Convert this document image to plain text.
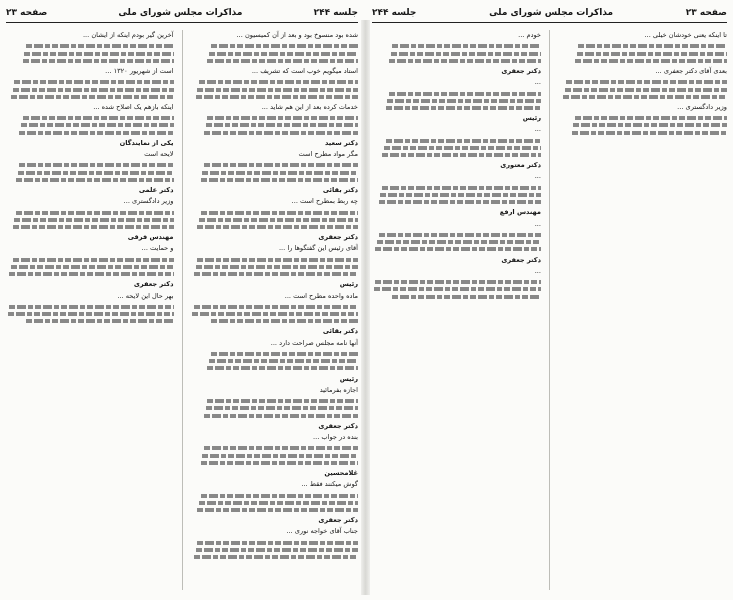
جلسه ۲۴۴
مذاکرات مجلس شورای ملی
صفحه ۲۳

شده بود منسوخ بود و بعد از آن کمیسیون ...

استاد میگویم خوب است که تشریف ...

خدمات کرده بعد از این هم شاید ...

دکتر سعید

مگر مواد مطرح است

دکتر بقائی

چه ربط بمطرح است ...

دکتر جعفری

آقای رئیس این گفتگوها را ...

رئیس

ماده واحده مطرح است ...

دکتر بقائی

آنها نامه مجلس صراحت دارد ...

رئیس

اجازه بفرمائید

دکتر جعفری

بنده در جواب ...

غلامحسین

گوش میکنند فقط ...

دکتر جعفری

جناب آقای خواجه نوری ...

آخرین گیر بودم اینکه از ایشان ...

است از شهریور ۱۳۲۰ ...

اینکه بازهم یک اصلاح شده ...

یکی از نمایندگان

لایحه است

دکتر علمی

وزیر دادگستری ...

مهندس فرقی

و حمایت ...

دکتر جعفری

بهر حال این لایحه ...

صفحه ۲۳
مذاکرات مجلس شورای ملی
جلسه ۲۴۴

تا اینکه یعنی خودشان خیلی ...

بعدی آقای دکتر جعفری ...

وزیر دادگستری ...

خودم ...

دکتر جعفری

...

رئیس

...

دکتر معتوری

...

مهندس ارفع

...

دکتر جعفری

...
